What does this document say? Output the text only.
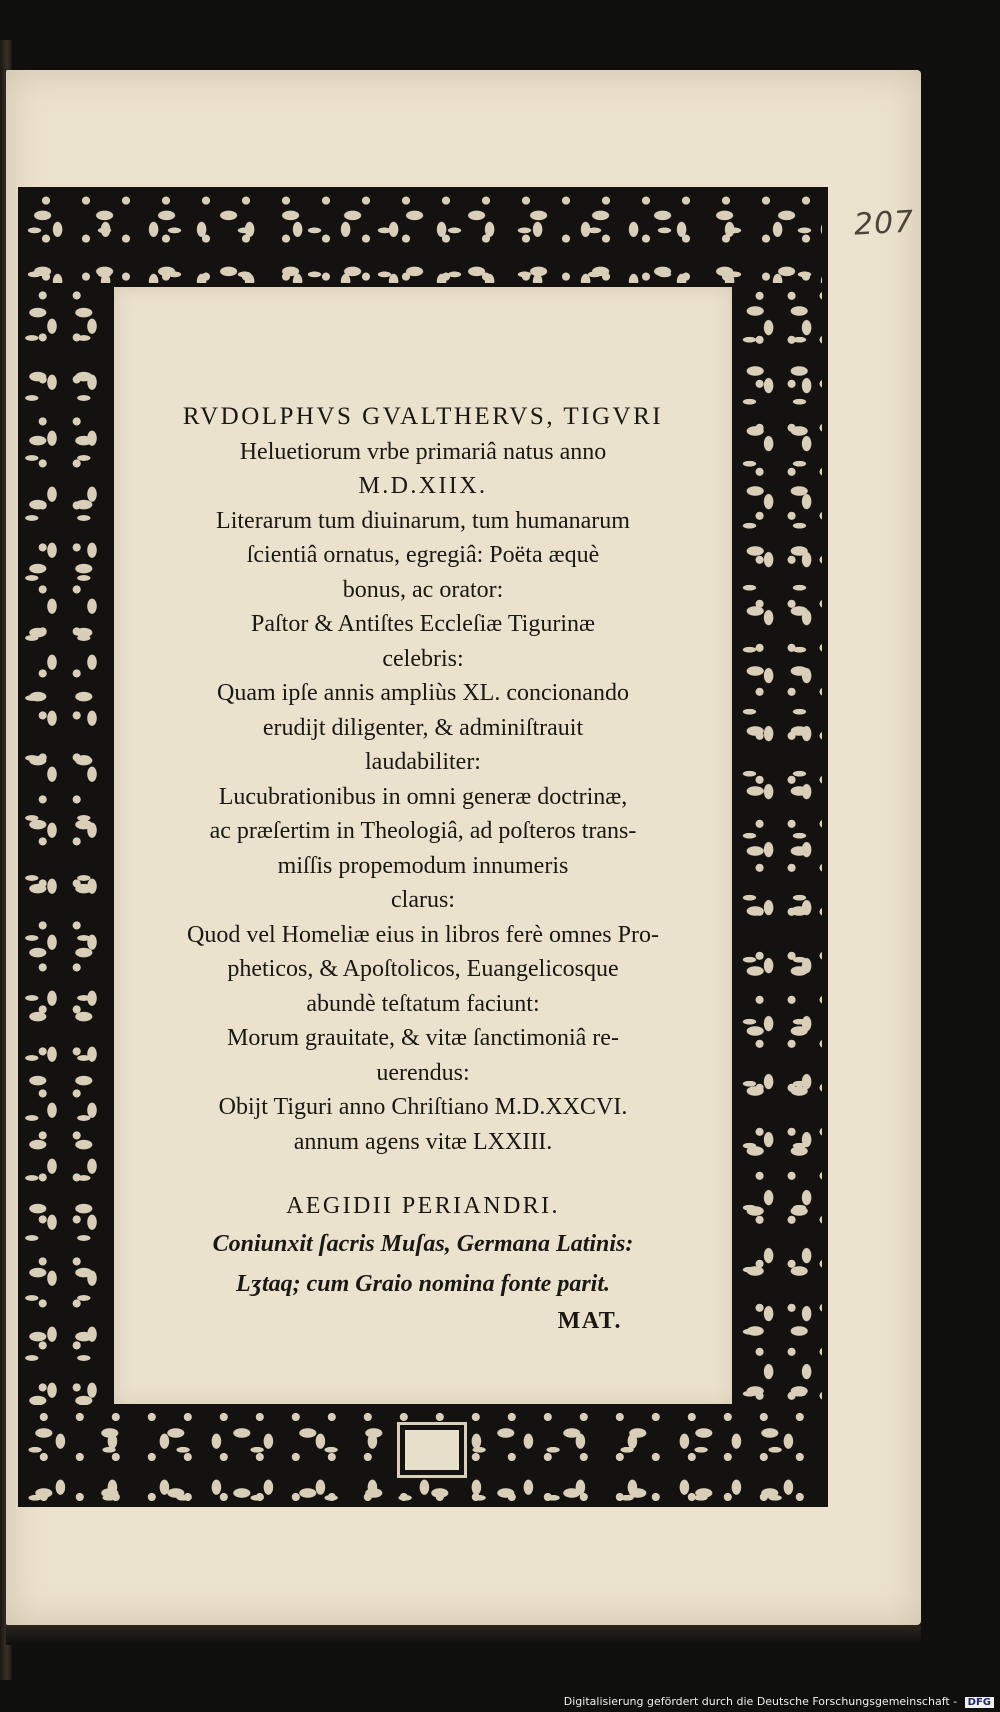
207
RVDOLPHVS GVALTHERVS, TIGVRI
Heluetiorum vrbe primariâ natus anno
M.D.XIIX.
Literarum tum diuinarum, tum humanarum
ſcientiâ ornatus, egregiâ: Poëta æquè
bonus, ac orator:
Paſtor & Antiſtes Eccleſiæ Tigurinæ
celebris:
Quam ipſe annis ampliùs XL. concionando
erudijt diligenter, & adminiſtrauit
laudabiliter:
Lucubrationibus in omni generæ doctrinæ,
ac præſertim in Theologiâ, ad poſteros trans-
miſſis propemodum innumeris
clarus:
Quod vel Homeliæ eius in libros ferè omnes Pro-
pheticos, & Apoſtolicos, Euangelicosque
abundè teſtatum faciunt:
Morum grauitate, & vitæ ſanctimoniâ re-
uerendus:
Obijt Tiguri anno Chriſtiano M.D.XXCVI.
annum agens vitæ LXXIII.
AEGIDII PERIANDRI.
Coniunxit ſacris Muſas, Germana Latinis:
Lʒtaq; cum Graio nomina fonte parit.
MAT.
Digitalisierung gefördert durch die Deutsche Forschungsgemeinschaft - DFG
